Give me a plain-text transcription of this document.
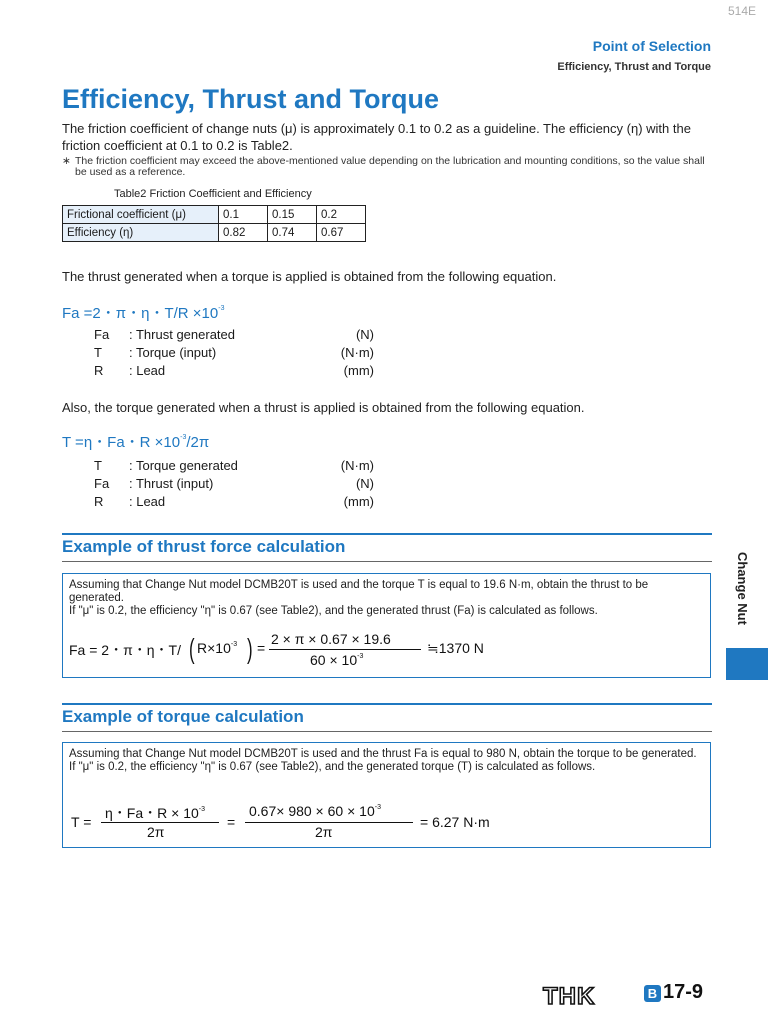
514E
Point of Selection
Efficiency, Thrust and Torque
Efficiency, Thrust and Torque
The friction coefficient of change nuts (μ) is approximately 0.1 to 0.2 as a guideline. The efficiency (η) with the friction coefficient at 0.1 to 0.2 is Table2.
∗ The friction coefficient may exceed the above-mentioned value depending on the lubrication and mounting conditions, so the value shall be used as a reference.
Table2 Friction Coefficient and Efficiency
Frictional coefficient (μ)	0.1	0.15	0.2
Efficiency (η)	0.82	0.74	0.67
The thrust generated when a torque is applied is obtained from the following equation.
Fa =2・π・η・$T/R \times 10^{-3}$
Fa : Thrust generated	(N)
T : Torque (input)	(N·m)
R : Lead	(mm)
Also, the torque generated when a thrust is applied is obtained from the following equation.
T =η・Fa・$R \times 10^{-3}/2\pi$
T : Torque generated	(N·m)
Fa : Thrust (input)	(N)
R : Lead	(mm)
Example of thrust force calculation
Assuming that Change Nut model DCMB20T is used and the torque T is equal to 19.6 N·m, obtain the thrust to be generated.
If "μ" is 0.2, the efficiency "η" is 0.67 (see Table2), and the generated thrust (Fa) is calculated as follows.
Fa = 2・π・η・T/ ( $R\times 10^{-3}$ ) =
2 × π × 0.67 × 19.6
$60 \times 10^{-3}$
≒1370 N
Example of torque calculation
Assuming that Change Nut model DCMB20T is used and the thrust Fa is equal to 980 N, obtain the torque to be generated.
If "μ" is 0.2, the efficiency "η" is 0.67 (see Table2), and the generated torque (T) is calculated as follows.
T =
η・Fa・$R \times 10^{-3}$
2π
=
$0.67\times 980 \times 60 \times 10^{-3}$
2π
= 6.27 N·m
Change Nut
THK	B 17-9
